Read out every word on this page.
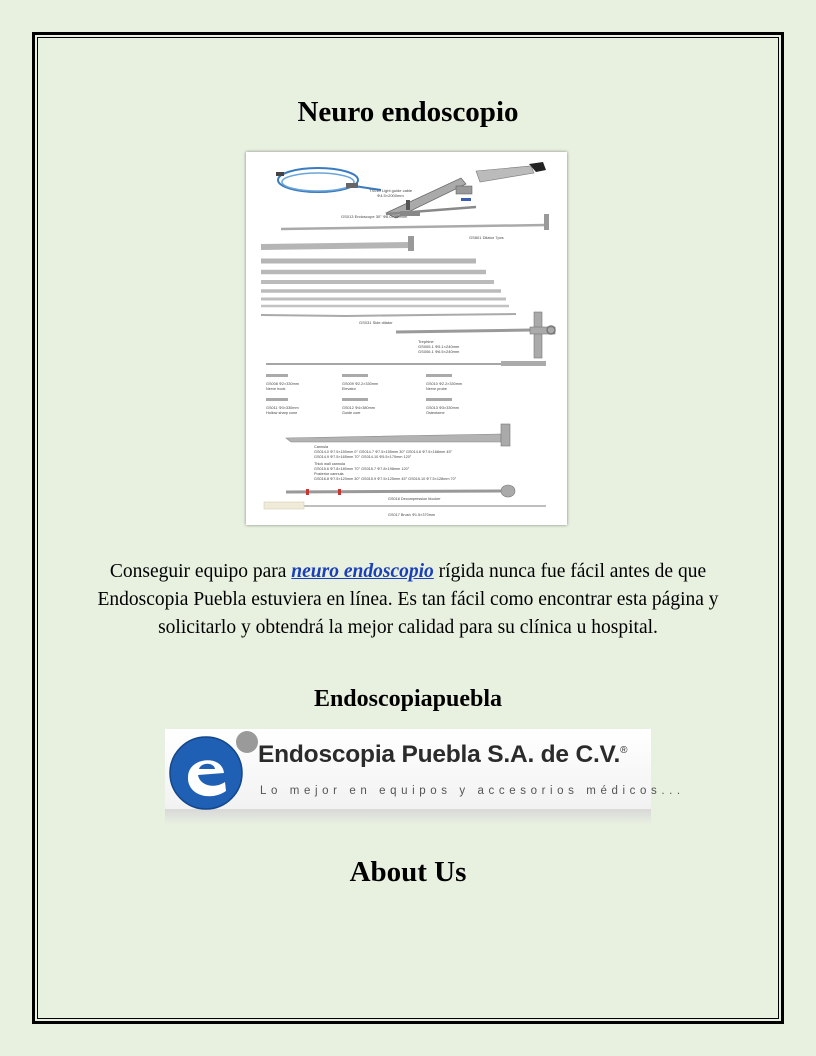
Neuro endoscopio
TS010 Light guide cable
Φ4.5×2000mm
GS013 Endoscope 30° Φ6.0×190mm
GS801 Dilator 7pcs
GS031 Side dilator
Trephine
GS005.1 Φ5.1×240mm
GS006.1 Φ6.5×240mm
GS008 Φ2×330mm
Nerve hook
GS009 Φ2.2×330mm
Elevator
GS010 Φ2.2×330mm
Nerve probe
GS011 Φ3×330mm
Hollow sharp cone
GS012 Φ4×380mm
Guide cuer
GS013 Φ3×330mm
Osteotome
Cannula
GS014.0 Φ7.5×150mm 0° GS014.7 Φ7.5×155mm 30° GS014.8 Φ7.5×168mm 45°
GS014.9 Φ7.5×165mm 70° GS014.10 Φ5.5×170mm 120°
Thick wall cannula
GS015.6 Φ7.8×180mm 70° GS015.7 Φ7.8×198mm 120°
Posterior cannula
GS016.8 Φ7.5×120mm 30° GS015.9 Φ7.5×125mm 45° GS015.10 Φ7.5×128mm 70°
GS016 Decompression blocker
GS017 Brush Φ1.5×370mm

Conseguir equipo para neuro endoscopio rígida nunca fue fácil antes de que Endoscopia Puebla estuviera en línea. Es tan fácil como encontrar esta página y solicitarlo y obtendrá la mejor calidad para su clínica u hospital.

Endoscopiapuebla
Endoscopia Puebla S.A. de C.V.®
Lo mejor en equipos y accesorios médicos...
About Us
